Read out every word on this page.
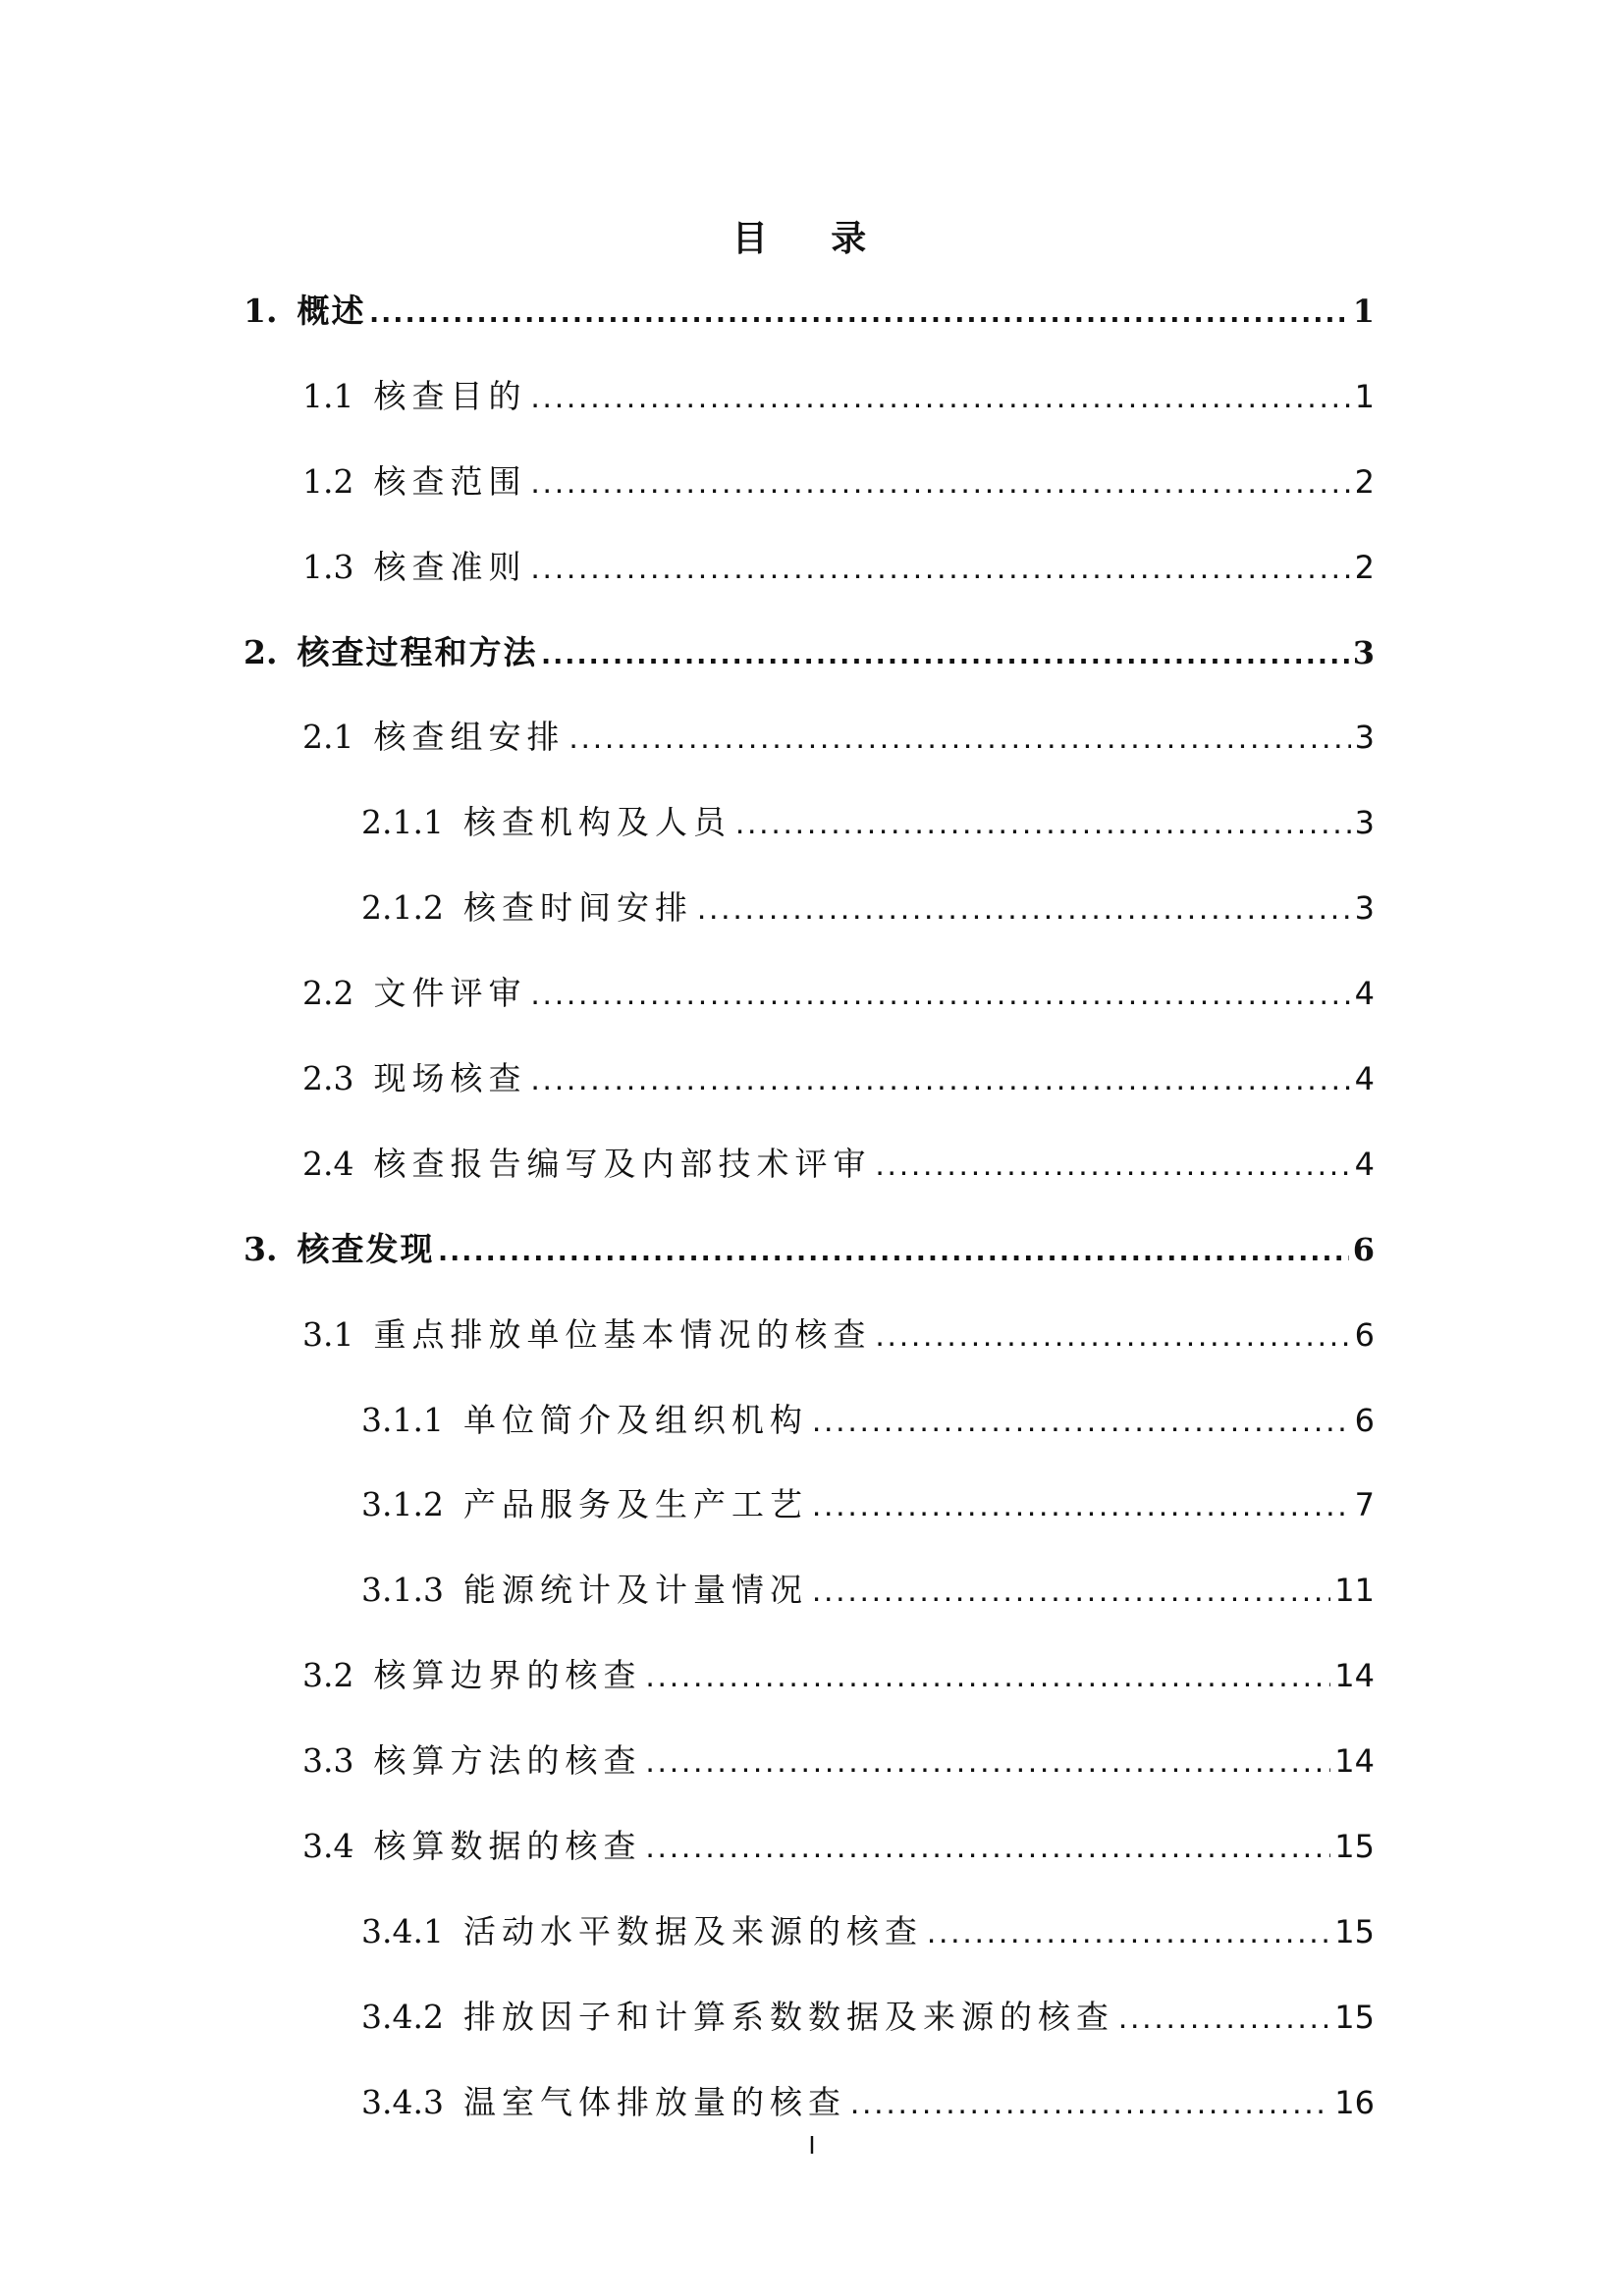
目 录
1. 概述 .....	1
1.1 核查目的 .....	1
1.2 核查范围 .....	2
1.3 核查准则 .....	2
2. 核查过程和方法 .....	3
2.1 核查组安排 .....	3
2.1.1 核查机构及人员 .....	3
2.1.2 核查时间安排 .....	3
2.2 文件评审 .....	4
2.3 现场核查 .....	4
2.4 核查报告编写及内部技术评审 .....	4
3. 核查发现 .....	6
3.1 重点排放单位基本情况的核查 .....	6
3.1.1 单位简介及组织机构 .....	6
3.1.2 产品服务及生产工艺 .....	7
3.1.3 能源统计及计量情况 .....	11
3.2 核算边界的核查 .....	14
3.3 核算方法的核查 .....	14
3.4 核算数据的核查 .....	15
3.4.1 活动水平数据及来源的核查 .....	15
3.4.2 排放因子和计算系数数据及来源的核查 .....	15
3.4.3 温室气体排放量的核查 .....	16
I
